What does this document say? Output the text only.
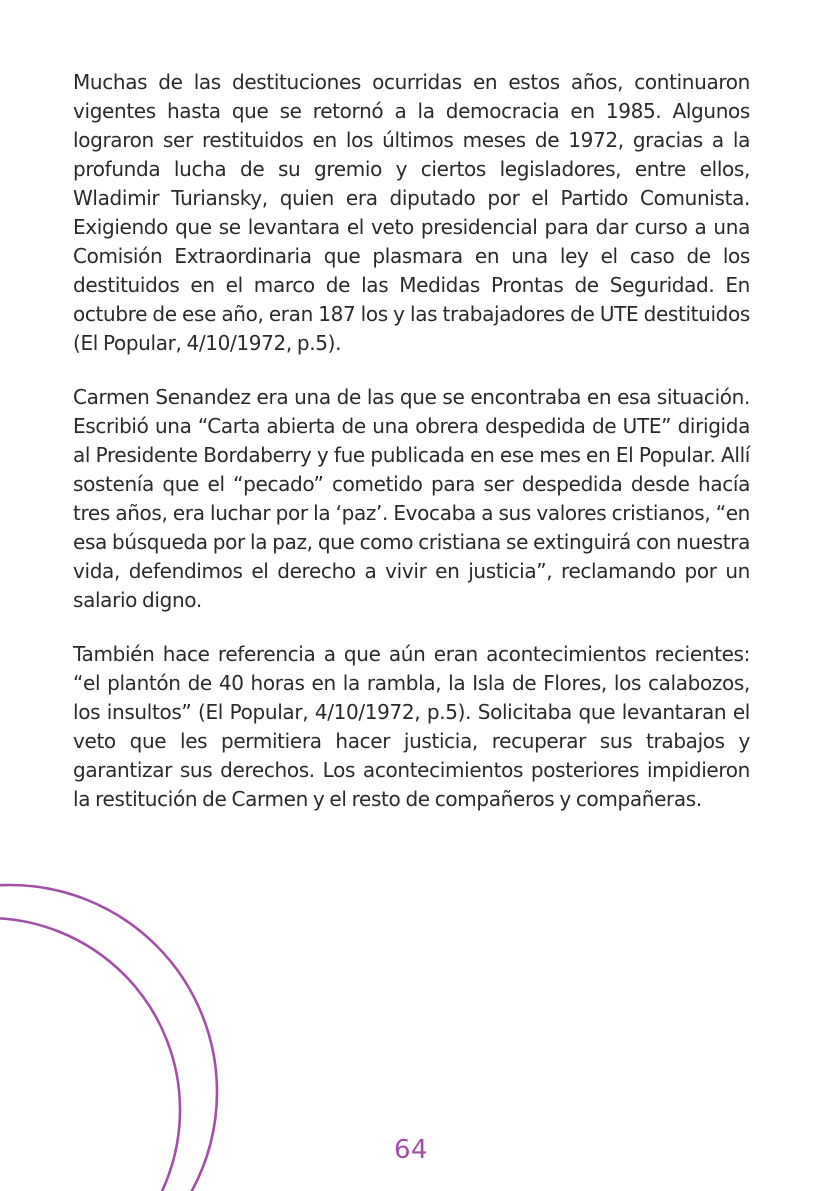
Muchas de las destituciones ocurridas en estos años, continuaron vigentes hasta que se retornó a la democracia en 1985. Algunos lograron ser restituidos en los últimos meses de 1972, gracias a la profunda lucha de su gremio y ciertos legisladores, entre ellos, Wladimir Turiansky, quien era diputado por el Partido Comunista. Exigiendo que se levantara el veto presidencial para dar curso a una Comisión Extraordinaria que plasmara en una ley el caso de los destituidos en el marco de las Medidas Prontas de Seguridad. En octubre de ese año, eran 187 los y las trabajadores de UTE destituidos (El Popular, 4/10/1972, p.5).

Carmen Senandez era una de las que se encontraba en esa situación. Escribió una “Carta abierta de una obrera despedida de UTE” dirigida al Presidente Bordaberry y fue publicada en ese mes en El Popular. Allí sostenía que el “pecado” cometido para ser despedida desde hacía tres años, era luchar por la ‘paz’. Evocaba a sus valores cristianos, “en esa búsqueda por la paz, que como cristiana se extinguirá con nuestra vida, defendimos el derecho a vivir en justicia”, reclamando por un salario digno.

También hace referencia a que aún eran acontecimientos recientes: “el plantón de 40 horas en la rambla, la Isla de Flores, los calabozos, los insultos” (El Popular, 4/10/1972, p.5). Solicitaba que levantaran el veto que les permitiera hacer justicia, recuperar sus trabajos y garantizar sus derechos. Los acontecimientos posteriores impidieron la restitución de Carmen y el resto de compañeros y compañeras.

64
